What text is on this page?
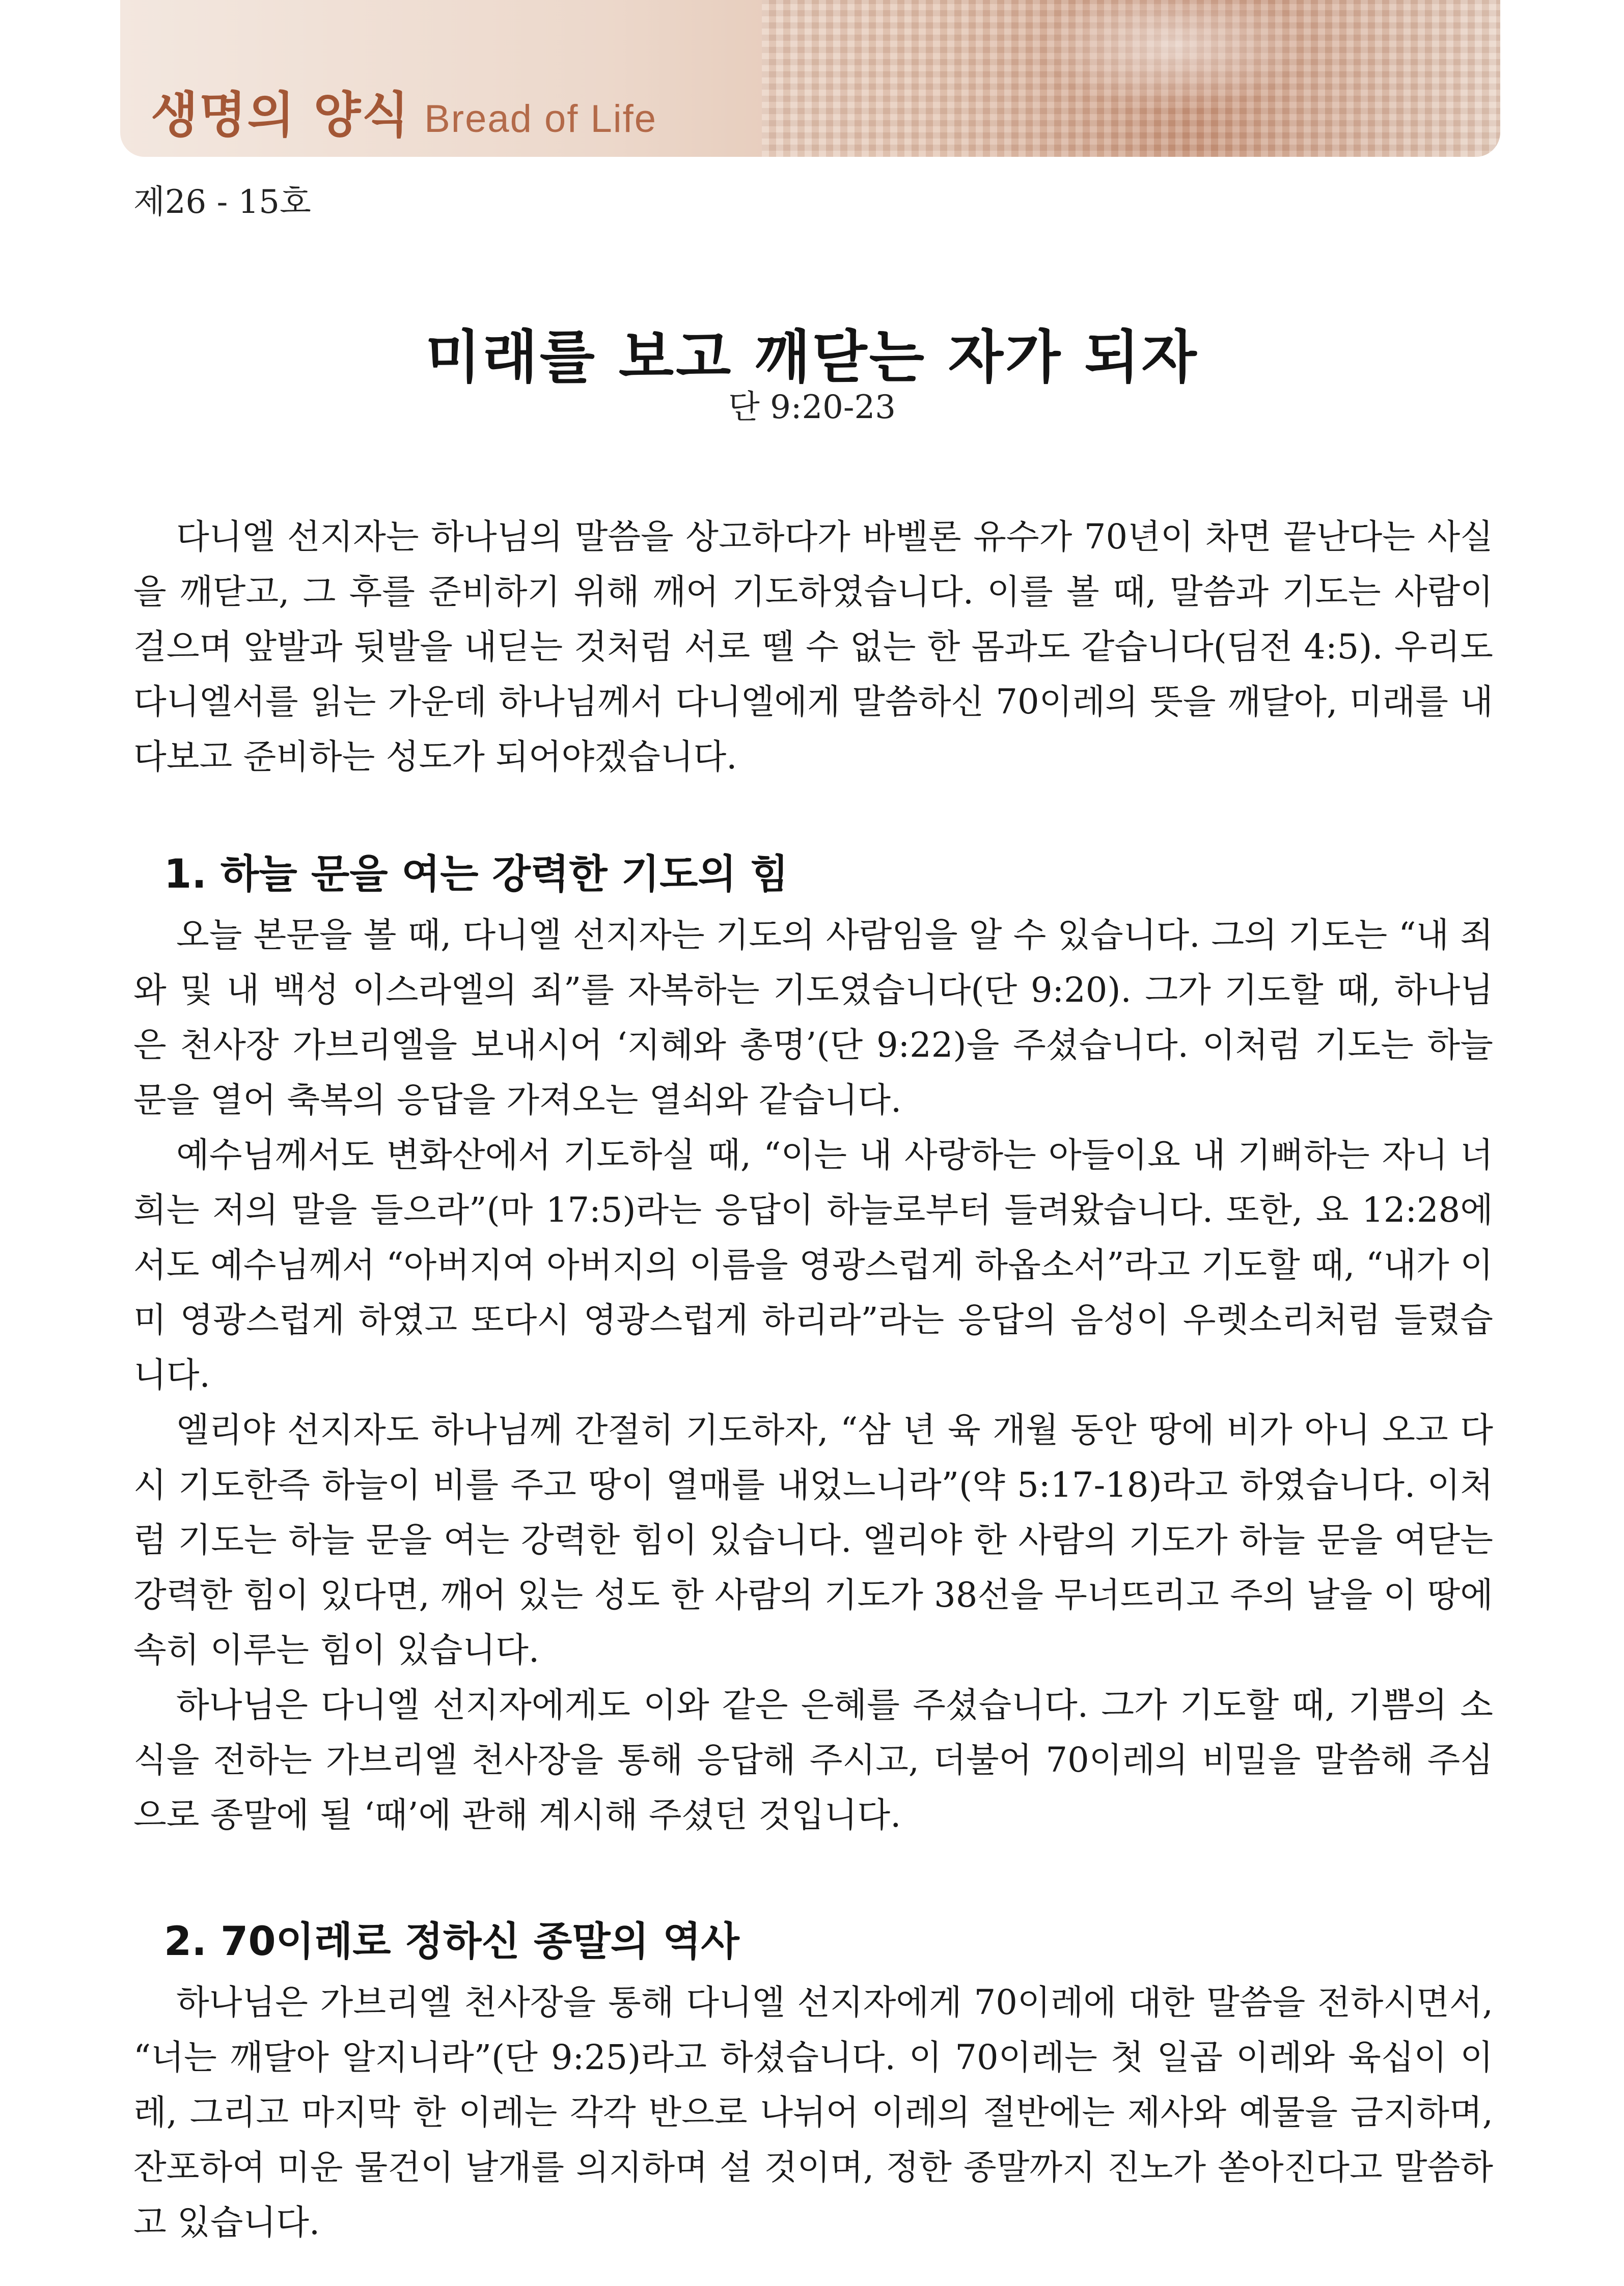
생명의 양식 Bread of Life
제26 - 15호
미래를 보고 깨닫는 자가 되자
단 9:20-23

다니엘 선지자는 하나님의 말씀을 상고하다가 바벨론 유수가 70년이 차면 끝난다는 사실을 깨닫고, 그 후를 준비하기 위해 깨어 기도하였습니다. 이를 볼 때, 말씀과 기도는 사람이 걸으며 앞발과 뒷발을 내딛는 것처럼 서로 뗄 수 없는 한 몸과도 같습니다(딤전 4:5). 우리도 다니엘서를 읽는 가운데 하나님께서 다니엘에게 말씀하신 70이레의 뜻을 깨달아, 미래를 내다보고 준비하는 성도가 되어야겠습니다.

1. 하늘 문을 여는 강력한 기도의 힘

오늘 본문을 볼 때, 다니엘 선지자는 기도의 사람임을 알 수 있습니다. 그의 기도는 “내 죄와 및 내 백성 이스라엘의 죄”를 자복하는 기도였습니다(단 9:20). 그가 기도할 때, 하나님은 천사장 가브리엘을 보내시어 ‘지혜와 총명’(단 9:22)을 주셨습니다. 이처럼 기도는 하늘 문을 열어 축복의 응답을 가져오는 열쇠와 같습니다.

예수님께서도 변화산에서 기도하실 때, “이는 내 사랑하는 아들이요 내 기뻐하는 자니 너희는 저의 말을 들으라”(마 17:5)라는 응답이 하늘로부터 들려왔습니다. 또한, 요 12:28에서도 예수님께서 “아버지여 아버지의 이름을 영광스럽게 하옵소서”라고 기도할 때, “내가 이미 영광스럽게 하였고 또다시 영광스럽게 하리라”라는 응답의 음성이 우렛소리처럼 들렸습니다.

엘리야 선지자도 하나님께 간절히 기도하자, “삼 년 육 개월 동안 땅에 비가 아니 오고 다시 기도한즉 하늘이 비를 주고 땅이 열매를 내었느니라”(약 5:17-18)라고 하였습니다. 이처럼 기도는 하늘 문을 여는 강력한 힘이 있습니다. 엘리야 한 사람의 기도가 하늘 문을 여닫는 강력한 힘이 있다면, 깨어 있는 성도 한 사람의 기도가 38선을 무너뜨리고 주의 날을 이 땅에 속히 이루는 힘이 있습니다.

하나님은 다니엘 선지자에게도 이와 같은 은혜를 주셨습니다. 그가 기도할 때, 기쁨의 소식을 전하는 가브리엘 천사장을 통해 응답해 주시고, 더불어 70이레의 비밀을 말씀해 주심으로 종말에 될 ‘때’에 관해 계시해 주셨던 것입니다.

2. 70이레로 정하신 종말의 역사

하나님은 가브리엘 천사장을 통해 다니엘 선지자에게 70이레에 대한 말씀을 전하시면서, “너는 깨달아 알지니라”(단 9:25)라고 하셨습니다. 이 70이레는 첫 일곱 이레와 육십이 이레, 그리고 마지막 한 이레는 각각 반으로 나뉘어 이레의 절반에는 제사와 예물을 금지하며, 잔포하여 미운 물건이 날개를 의지하며 설 것이며, 정한 종말까지 진노가 쏟아진다고 말씀하고 있습니다.
